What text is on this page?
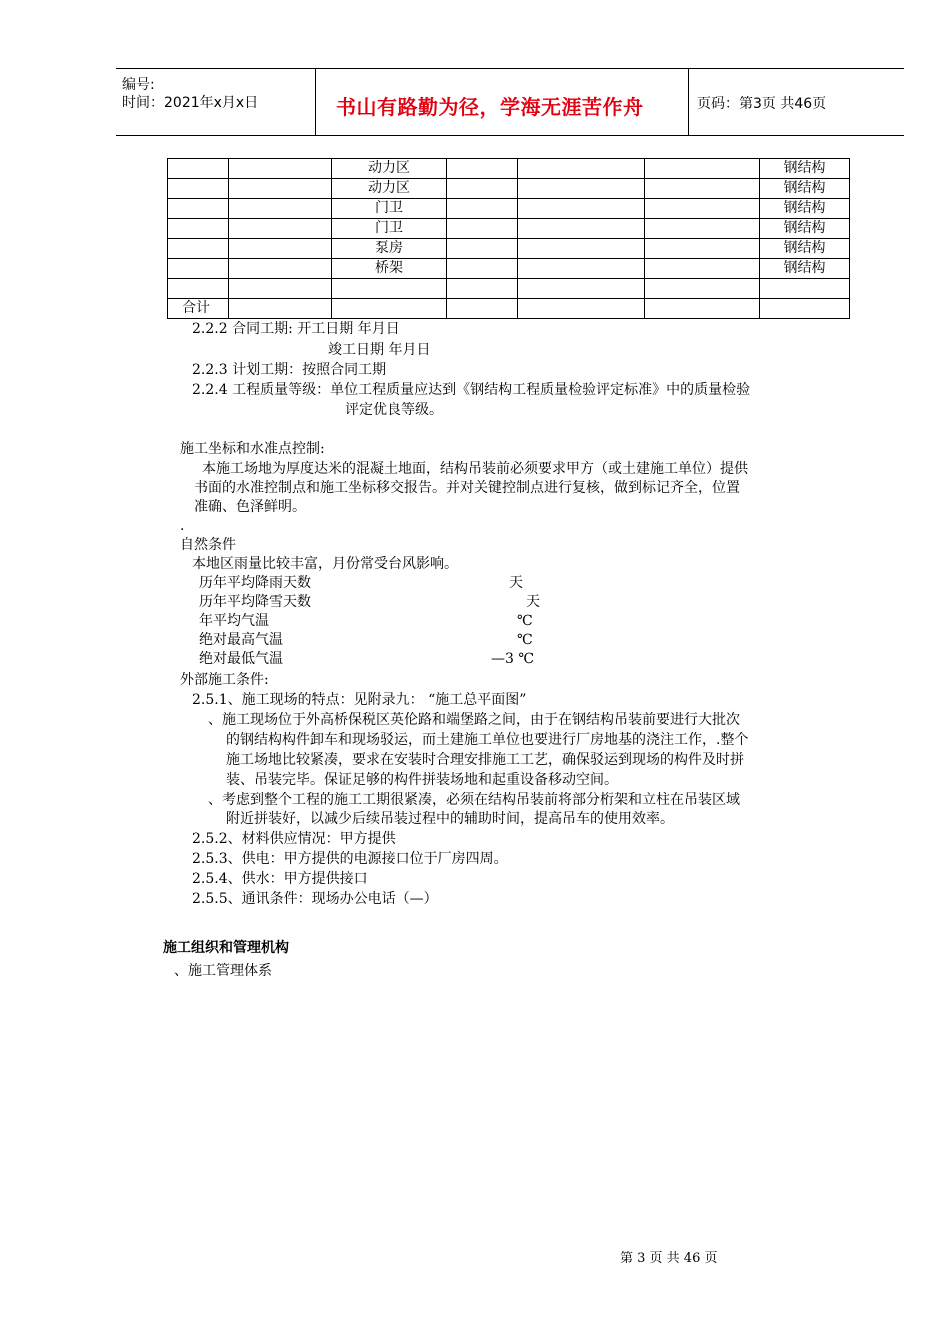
编号:
时间：2021年x月x日	书山有路勤为径，学海无涯苦作舟	页码：第3页 共46页
		动力区				钢结构
		动力区				钢结构
		门卫				钢结构
		门卫				钢结构
		泵房				钢结构
		桥架				钢结构

合计						
2.2.2 合同工期: 开工日期 年月日
竣工日期 年月日
2.2.3 计划工期：按照合同工期
2.2.4 工程质量等级：单位工程质量应达到《钢结构工程质量检验评定标准》中的质量检验
评定优良等级。
施工坐标和水准点控制:
本施工场地为厚度达米的混凝土地面，结构吊装前必须要求甲方（或土建施工单位）提供
书面的水准控制点和施工坐标移交报告。并对关键控制点进行复核，做到标记齐全，位置
准确、色泽鲜明。
.
自然条件
本地区雨量比较丰富，月份常受台风影响。
历年平均降雨天数	天
历年平均降雪天数	天
年平均气温	℃
绝对最高气温	℃
绝对最低气温	—3 ℃
外部施工条件:
2.5.1、施工现场的特点：见附录九： “施工总平面图”
、施工现场位于外高桥保税区英伦路和端堡路之间，由于在钢结构吊装前要进行大批次
的钢结构构件卸车和现场驳运，而土建施工单位也要进行厂房地基的浇注工作，.整个
施工场地比较紧凑，要求在安装时合理安排施工工艺，确保驳运到现场的构件及时拼
装、吊装完毕。保证足够的构件拼装场地和起重设备移动空间。
、考虑到整个工程的施工工期很紧凑，必须在结构吊装前将部分桁架和立柱在吊装区域
附近拼装好，以减少后续吊装过程中的辅助时间，提高吊车的使用效率。
2.5.2、材料供应情况：甲方提供
2.5.3、供电：甲方提供的电源接口位于厂房四周。
2.5.4、供水：甲方提供接口
2.5.5、通讯条件：现场办公电话（—）
施工组织和管理机构
、施工管理体系
第 3 页 共 46 页
